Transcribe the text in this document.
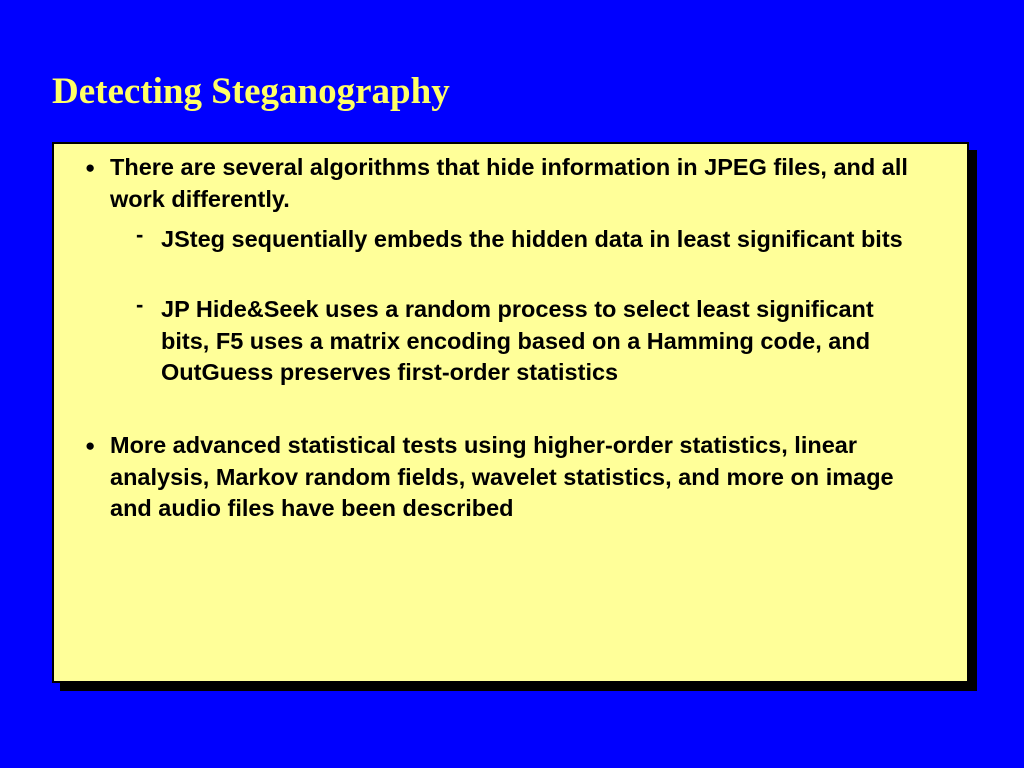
Detecting Steganography
● There are several algorithms that hide information in JPEG files, and all work differently.
- JSteg sequentially embeds the hidden data in least significant bits
- JP Hide&Seek uses a random process to select least significant bits, F5 uses a matrix encoding based on a Hamming code, and OutGuess preserves first-order statistics
● More advanced statistical tests using higher-order statistics, linear analysis, Markov random fields, wavelet statistics, and more on image and audio files have been described
